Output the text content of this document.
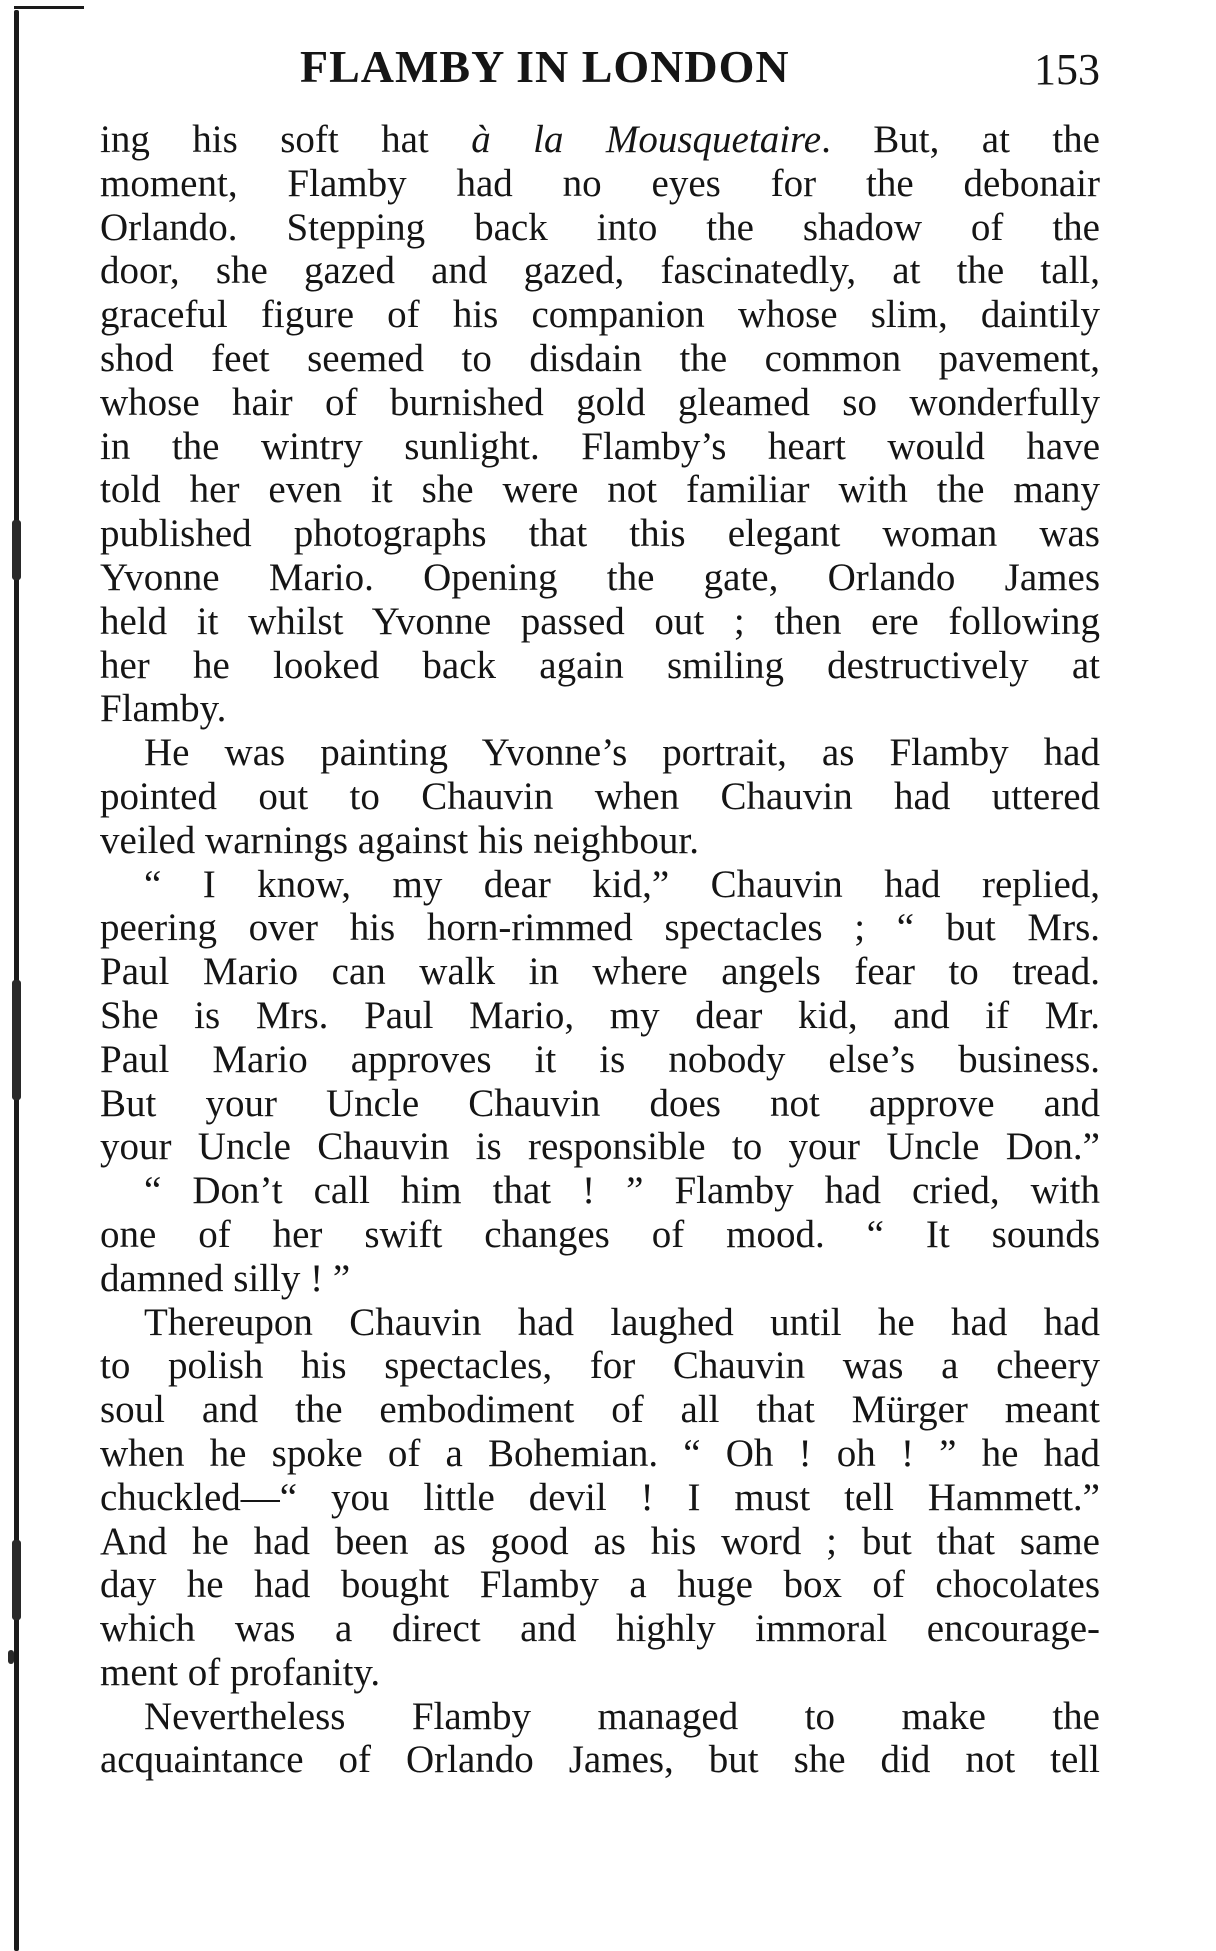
FLAMBY IN LONDON	153
ing his soft hat à la Mousquetaire. But, at the
moment, Flamby had no eyes for the debonair
Orlando. Stepping back into the shadow of the
door, she gazed and gazed, fascinatedly, at the tall,
graceful figure of his companion whose slim, daintily
shod feet seemed to disdain the common pavement,
whose hair of burnished gold gleamed so wonderfully
in the wintry sunlight. Flamby’s heart would have
told her even it she were not familiar with the many
published photographs that this elegant woman was
Yvonne Mario. Opening the gate, Orlando James
held it whilst Yvonne passed out ; then ere following
her he looked back again smiling destructively at
Flamby.
He was painting Yvonne’s portrait, as Flamby had
pointed out to Chauvin when Chauvin had uttered
veiled warnings against his neighbour.
“ I know, my dear kid,” Chauvin had replied,
peering over his horn-rimmed spectacles ; “ but Mrs.
Paul Mario can walk in where angels fear to tread.
She is Mrs. Paul Mario, my dear kid, and if Mr.
Paul Mario approves it is nobody else’s business.
But your Uncle Chauvin does not approve and
your Uncle Chauvin is responsible to your Uncle Don.”
“ Don’t call him that ! ” Flamby had cried, with
one of her swift changes of mood. “ It sounds
damned silly ! ”
Thereupon Chauvin had laughed until he had had
to polish his spectacles, for Chauvin was a cheery
soul and the embodiment of all that Mürger meant
when he spoke of a Bohemian. “ Oh ! oh ! ” he had
chuckled—“ you little devil ! I must tell Hammett.”
And he had been as good as his word ; but that same
day he had bought Flamby a huge box of chocolates
which was a direct and highly immoral encourage-
ment of profanity.
Nevertheless Flamby managed to make the
acquaintance of Orlando James, but she did not tell
